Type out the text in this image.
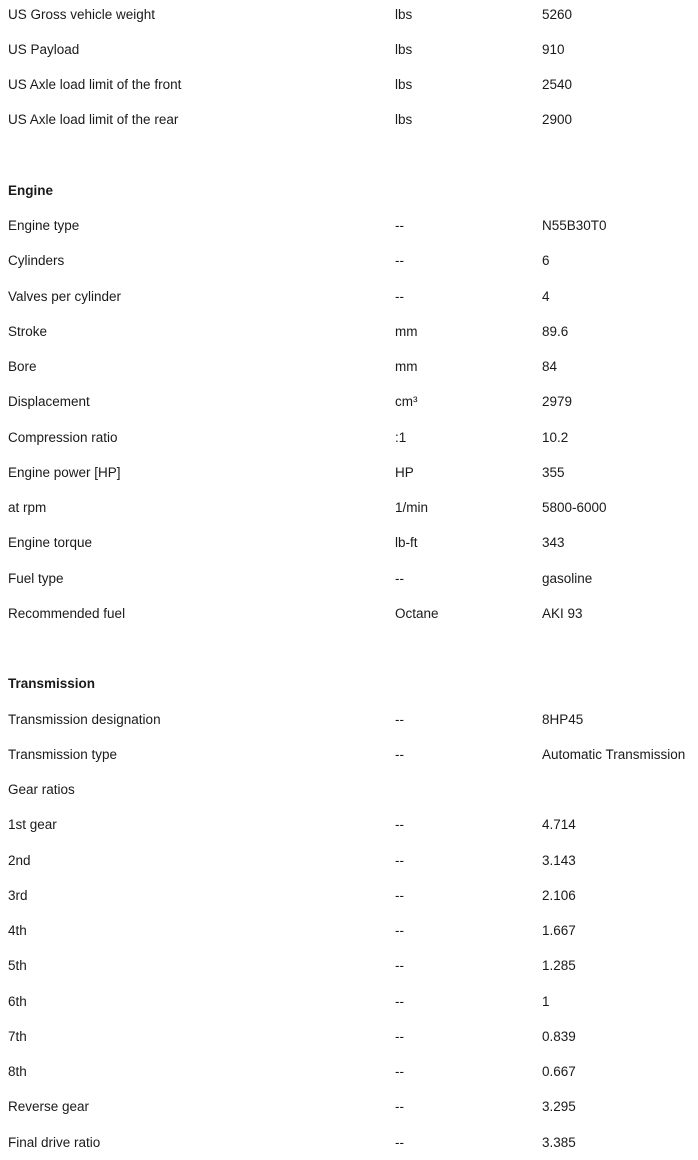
US Gross vehicle weight	lbs	5260
US Payload	lbs	910
US Axle load limit of the front	lbs	2540
US Axle load limit of the rear	lbs	2900
Engine
Engine type	--	N55B30T0
Cylinders	--	6
Valves per cylinder	--	4
Stroke	mm	89.6
Bore	mm	84
Displacement	cm³	2979
Compression ratio	:1	10.2
Engine power [HP]	HP	355
at rpm	1/min	5800-6000
Engine torque	lb-ft	343
Fuel type	--	gasoline
Recommended fuel	Octane	AKI 93
Transmission
Transmission designation	--	8HP45
Transmission type	--	Automatic Transmission
Gear ratios
1st gear	--	4.714
2nd	--	3.143
3rd	--	2.106
4th	--	1.667
5th	--	1.285
6th	--	1
7th	--	0.839
8th	--	0.667
Reverse gear	--	3.295
Final drive ratio	--	3.385
